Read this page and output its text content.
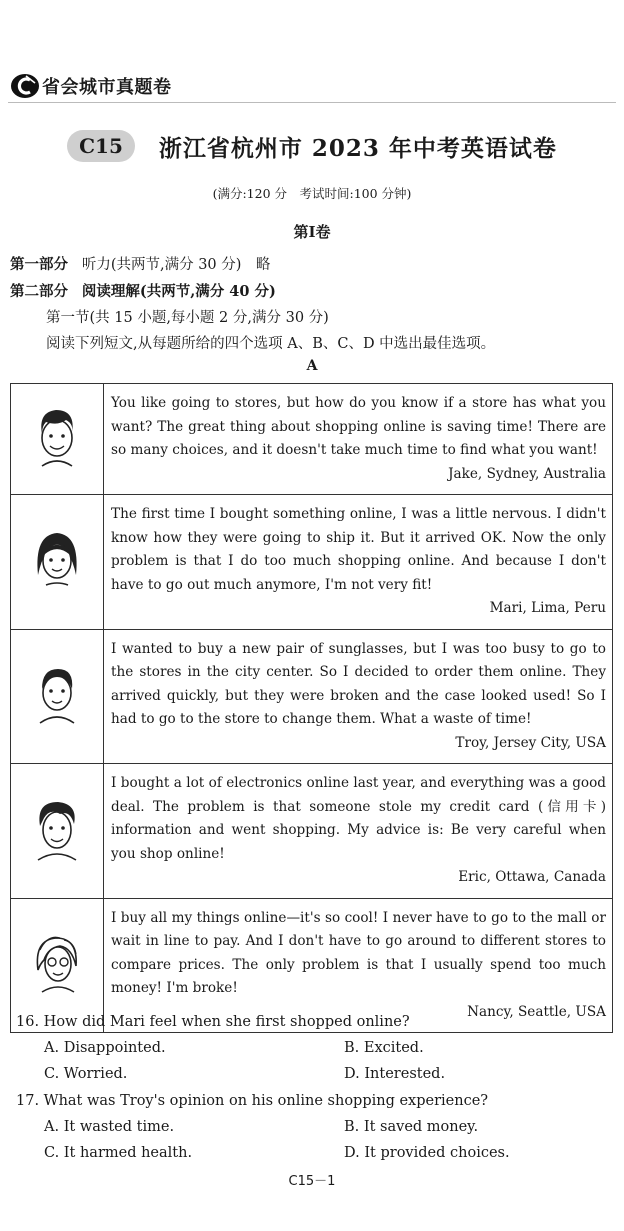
省会城市真题卷
C15	浙江省杭州市 2023 年中考英语试卷
(满分:120 分　考试时间:100 分钟)
第Ⅰ卷
第一部分 听力(共两节,满分 30 分)　略
第二部分 阅读理解(共两节,满分 40 分)
第一节(共 15 小题,每小题 2 分,满分 30 分)
阅读下列短文,从每题所给的四个选项 A、B、C、D 中选出最佳选项。
A
	You like going to stores, but how do you know if a store has what you want? The great thing about shopping online is saving time! There are so many choices, and it doesn't take much time to find what you want!
Jake, Sydney, Australia

	The first time I bought something online, I was a little nervous. I didn't know how they were going to ship it. But it arrived OK. Now the only problem is that I do too much shopping online. And because I don't have to go out much anymore, I'm not very fit!
Mari, Lima, Peru

	I wanted to buy a new pair of sunglasses, but I was too busy to go to the stores in the city center. So I decided to order them online. They arrived quickly, but they were broken and the case looked used! So I had to go to the store to change them. What a waste of time!
Troy, Jersey City, USA

	I bought a lot of electronics online last year, and everything was a good deal. The problem is that someone stole my credit card (信用卡) information and went shopping. My advice is: Be very careful when you shop online!
Eric, Ottawa, Canada

	I buy all my things online—it's so cool! I never have to go to the mall or wait in line to pay. And I don't have to go around to different stores to compare prices. The only problem is that I usually spend too much money! I'm broke!
Nancy, Seattle, USA
16. How did Mari feel when she first shopped online?
A. Disappointed.	B. Excited.
C. Worried.	D. Interested.
17. What was Troy's opinion on his online shopping experience?
A. It wasted time.	B. It saved money.
C. It harmed health.	D. It provided choices.
C15－1
